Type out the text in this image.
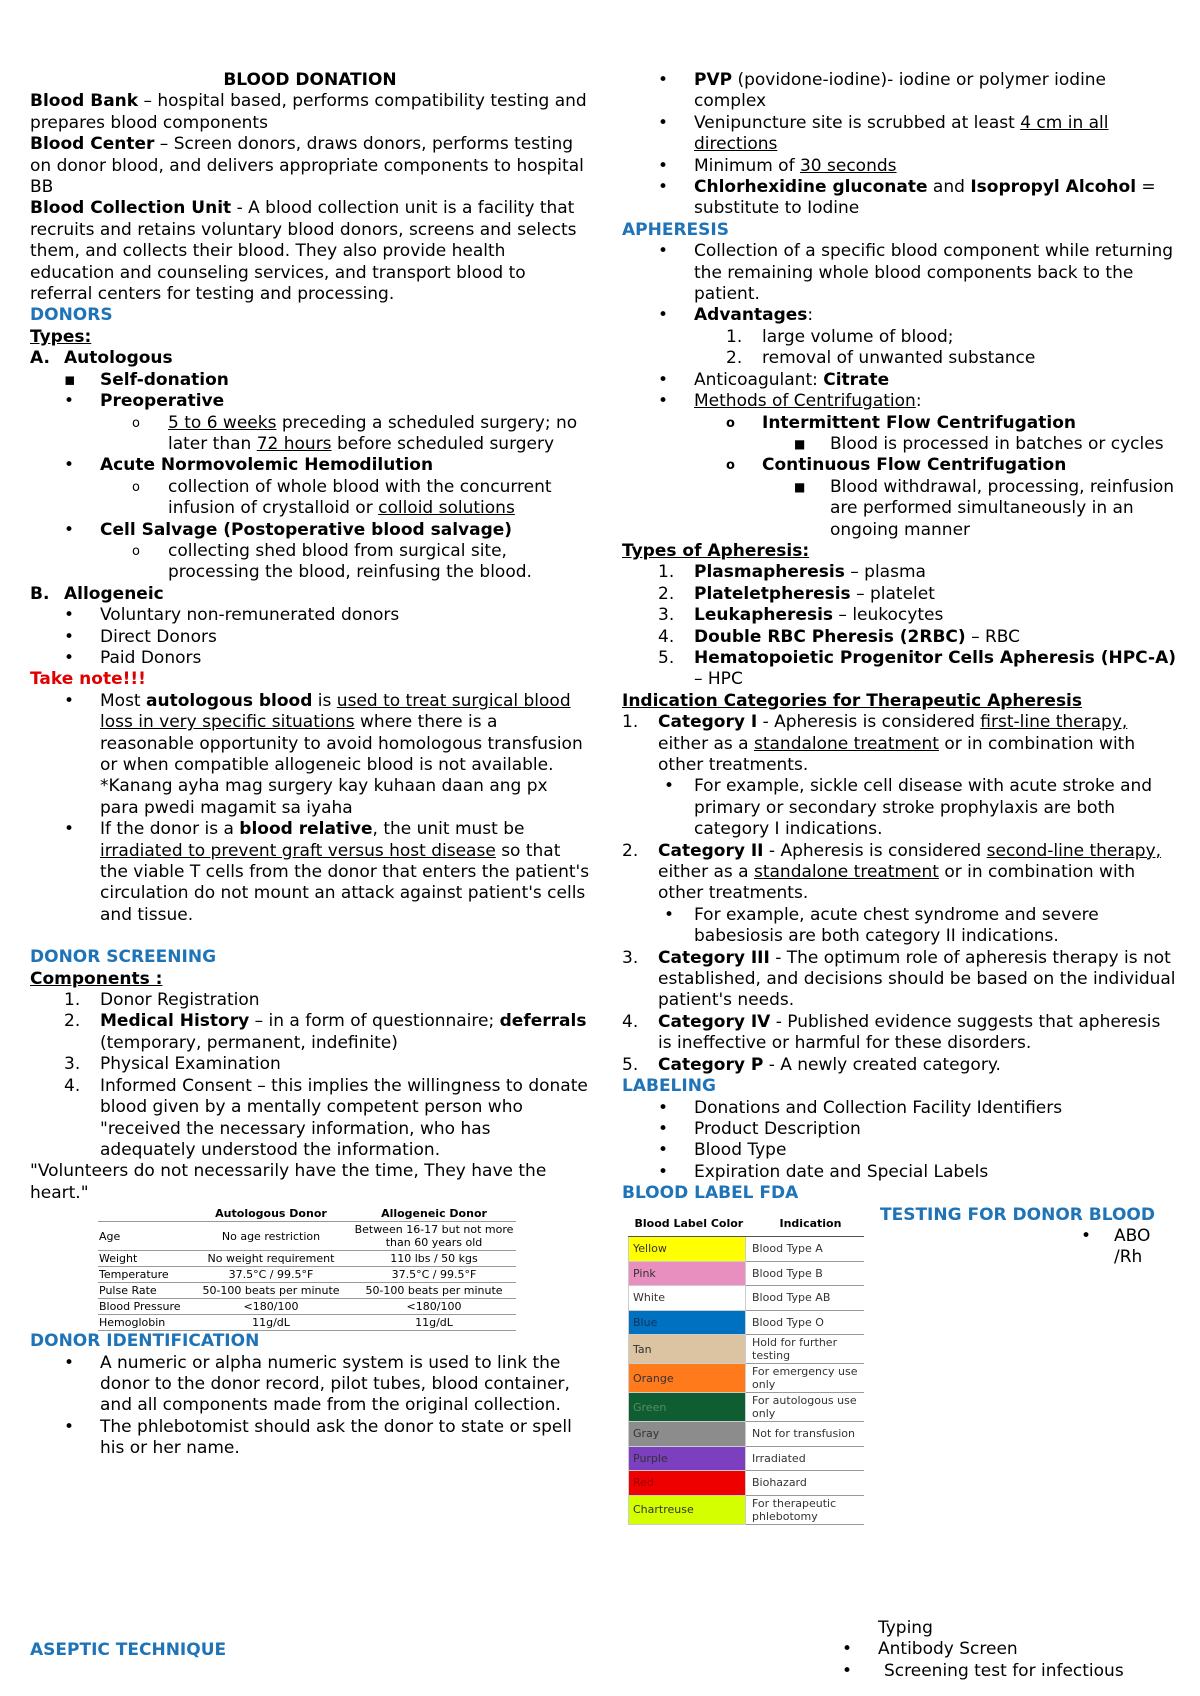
BLOOD DONATION

Blood Bank – hospital based, performs compatibility testing and prepares blood components

Blood Center – Screen donors, draws donors, performs testing on donor blood, and delivers appropriate components to hospital BB

Blood Collection Unit - A blood collection unit is a facility that recruits and retains voluntary blood donors, screens and selects them, and collects their blood. They also provide health education and counseling services, and transport blood to referral centers for testing and processing.

DONORS

Types:

A. Autologous
▪ Self-donation
• Preoperative
o 5 to 6 weeks preceding a scheduled surgery; no later than 72 hours before scheduled surgery
• Acute Normovolemic Hemodilution
o collection of whole blood with the concurrent infusion of crystalloid or colloid solutions
• Cell Salvage (Postoperative blood salvage)
o collecting shed blood from surgical site, processing the blood, reinfusing the blood.
B. Allogeneic
• Voluntary non-remunerated donors
• Direct Donors
• Paid Donors

Take note!!!

• Most autologous blood is used to treat surgical blood loss in very specific situations where there is a reasonable opportunity to avoid homologous transfusion or when compatible allogeneic blood is not available.
*Kanang ayha mag surgery kay kuhaan daan ang px para pwedi magamit sa iyaha
• If the donor is a blood relative, the unit must be irradiated to prevent graft versus host disease so that the viable T cells from the donor that enters the patient's circulation do not mount an attack against patient's cells and tissue.

DONOR SCREENING

Components :

1. Donor Registration
2. Medical History – in a form of questionnaire; deferrals (temporary, permanent, indefinite)
3. Physical Examination
4. Informed Consent – this implies the willingness to donate blood given by a mentally competent person who "received the necessary information, who has adequately understood the information.

"Volunteers do not necessarily have the time, They have the heart."

	Autologous Donor	Allogeneic Donor
Age	No age restriction	Between 16-17 but not more than 60 years old
Weight	No weight requirement	110 lbs / 50 kgs
Temperature	37.5°C / 99.5°F	37.5°C / 99.5°F
Pulse Rate	50-100 beats per minute	50-100 beats per minute
Blood Pressure	<180/100	<180/100
Hemoglobin	11g/dL	11g/dL

DONOR IDENTIFICATION

• A numeric or alpha numeric system is used to link the donor to the donor record, pilot tubes, blood container, and all components made from the original collection.
• The phlebotomist should ask the donor to state or spell his or her name.

ASEPTIC TECHNIQUE

• PVP (povidone-iodine)- iodine or polymer iodine complex
• Venipuncture site is scrubbed at least 4 cm in all directions
• Minimum of 30 seconds
• Chlorhexidine gluconate and Isopropyl Alcohol = substitute to Iodine

APHERESIS

• Collection of a specific blood component while returning the remaining whole blood components back to the patient.
• Advantages:
1. large volume of blood;
2. removal of unwanted substance
• Anticoagulant: Citrate
• Methods of Centrifugation:
o Intermittent Flow Centrifugation
■ Blood is processed in batches or cycles
o Continuous Flow Centrifugation
■ Blood withdrawal, processing, reinfusion are performed simultaneously in an ongoing manner

Types of Apheresis:

1. Plasmapheresis – plasma
2. Plateletpheresis – platelet
3. Leukapheresis – leukocytes
4. Double RBC Pheresis (2RBC) – RBC
5. Hematopoietic Progenitor Cells Apheresis (HPC-A) – HPC

Indication Categories for Therapeutic Apheresis

1. Category I - Apheresis is considered first-line therapy, either as a standalone treatment or in combination with other treatments.
• For example, sickle cell disease with acute stroke and primary or secondary stroke prophylaxis are both category I indications.
2. Category II - Apheresis is considered second-line therapy, either as a standalone treatment or in combination with other treatments.
• For example, acute chest syndrome and severe babesiosis are both category II indications.
3. Category III - The optimum role of apheresis therapy is not established, and decisions should be based on the individual patient's needs.
4. Category IV - Published evidence suggests that apheresis is ineffective or harmful for these disorders.
5. Category P - A newly created category.

LABELING

• Donations and Collection Facility Identifiers
• Product Description
• Blood Type
• Expiration date and Special Labels

BLOOD LABEL FDA

Blood Label Color	Indication
Yellow	Blood Type A
Pink	Blood Type B
White	Blood Type AB
Blue	Blood Type O
Tan	Hold for further testing
Orange	For emergency use only
Green	For autologous use only
Gray	Not for transfusion
Purple	Irradiated
Red	Biohazard
Chartreuse	For therapeutic phlebotomy

TESTING FOR DONOR BLOOD

• ABO
/Rh

Typing

• Antibody Screen
• Screening test for infectious
